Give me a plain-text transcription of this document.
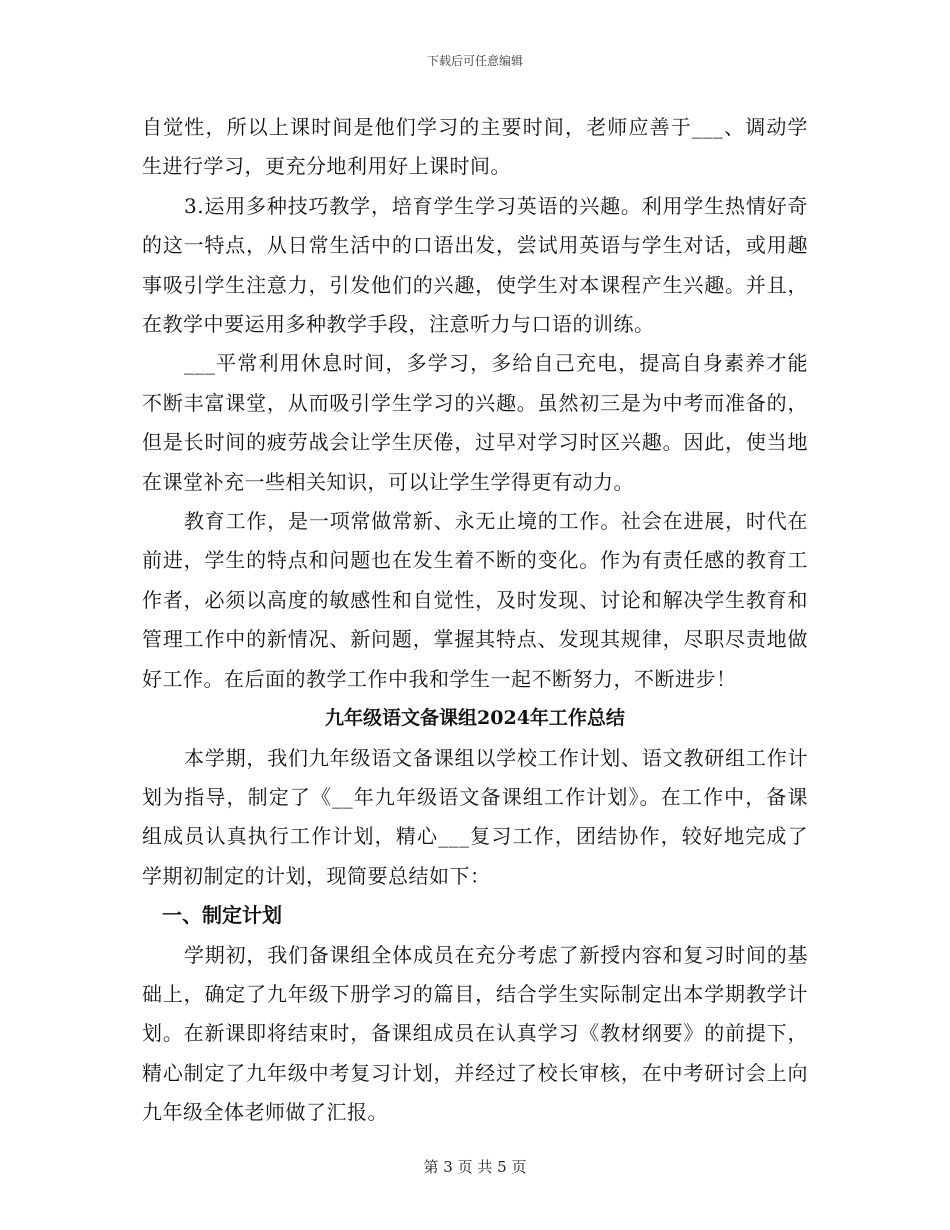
下载后可任意编辑

自觉性，所以上课时间是他们学习的主要时间，老师应善于___、调动学生进行学习，更充分地利用好上课时间。

3.运用多种技巧教学，培育学生学习英语的兴趣。利用学生热情好奇的这一特点，从日常生活中的口语出发，尝试用英语与学生对话，或用趣事吸引学生注意力，引发他们的兴趣，使学生对本课程产生兴趣。并且，在教学中要运用多种教学手段，注意听力与口语的训练。

___平常利用休息时间，多学习，多给自己充电，提高自身素养才能不断丰富课堂，从而吸引学生学习的兴趣。虽然初三是为中考而准备的，但是长时间的疲劳战会让学生厌倦，过早对学习时区兴趣。因此，使当地在课堂补充一些相关知识，可以让学生学得更有动力。

教育工作，是一项常做常新、永无止境的工作。社会在进展，时代在前进，学生的特点和问题也在发生着不断的变化。作为有责任感的教育工作者，必须以高度的敏感性和自觉性，及时发现、讨论和解决学生教育和管理工作中的新情况、新问题，掌握其特点、发现其规律，尽职尽责地做好工作。在后面的教学工作中我和学生一起不断努力，不断进步！

九年级语文备课组2024年工作总结

本学期，我们九年级语文备课组以学校工作计划、语文教研组工作计划为指导，制定了《__年九年级语文备课组工作计划》。在工作中，备课组成员认真执行工作计划，精心___复习工作，团结协作，较好地完成了学期初制定的计划，现简要总结如下：

一、制定计划

学期初，我们备课组全体成员在充分考虑了新授内容和复习时间的基础上，确定了九年级下册学习的篇目，结合学生实际制定出本学期教学计划。在新课即将结束时，备课组成员在认真学习《教材纲要》的前提下，精心制定了九年级中考复习计划，并经过了校长审核，在中考研讨会上向九年级全体老师做了汇报。

第 3 页 共 5 页
